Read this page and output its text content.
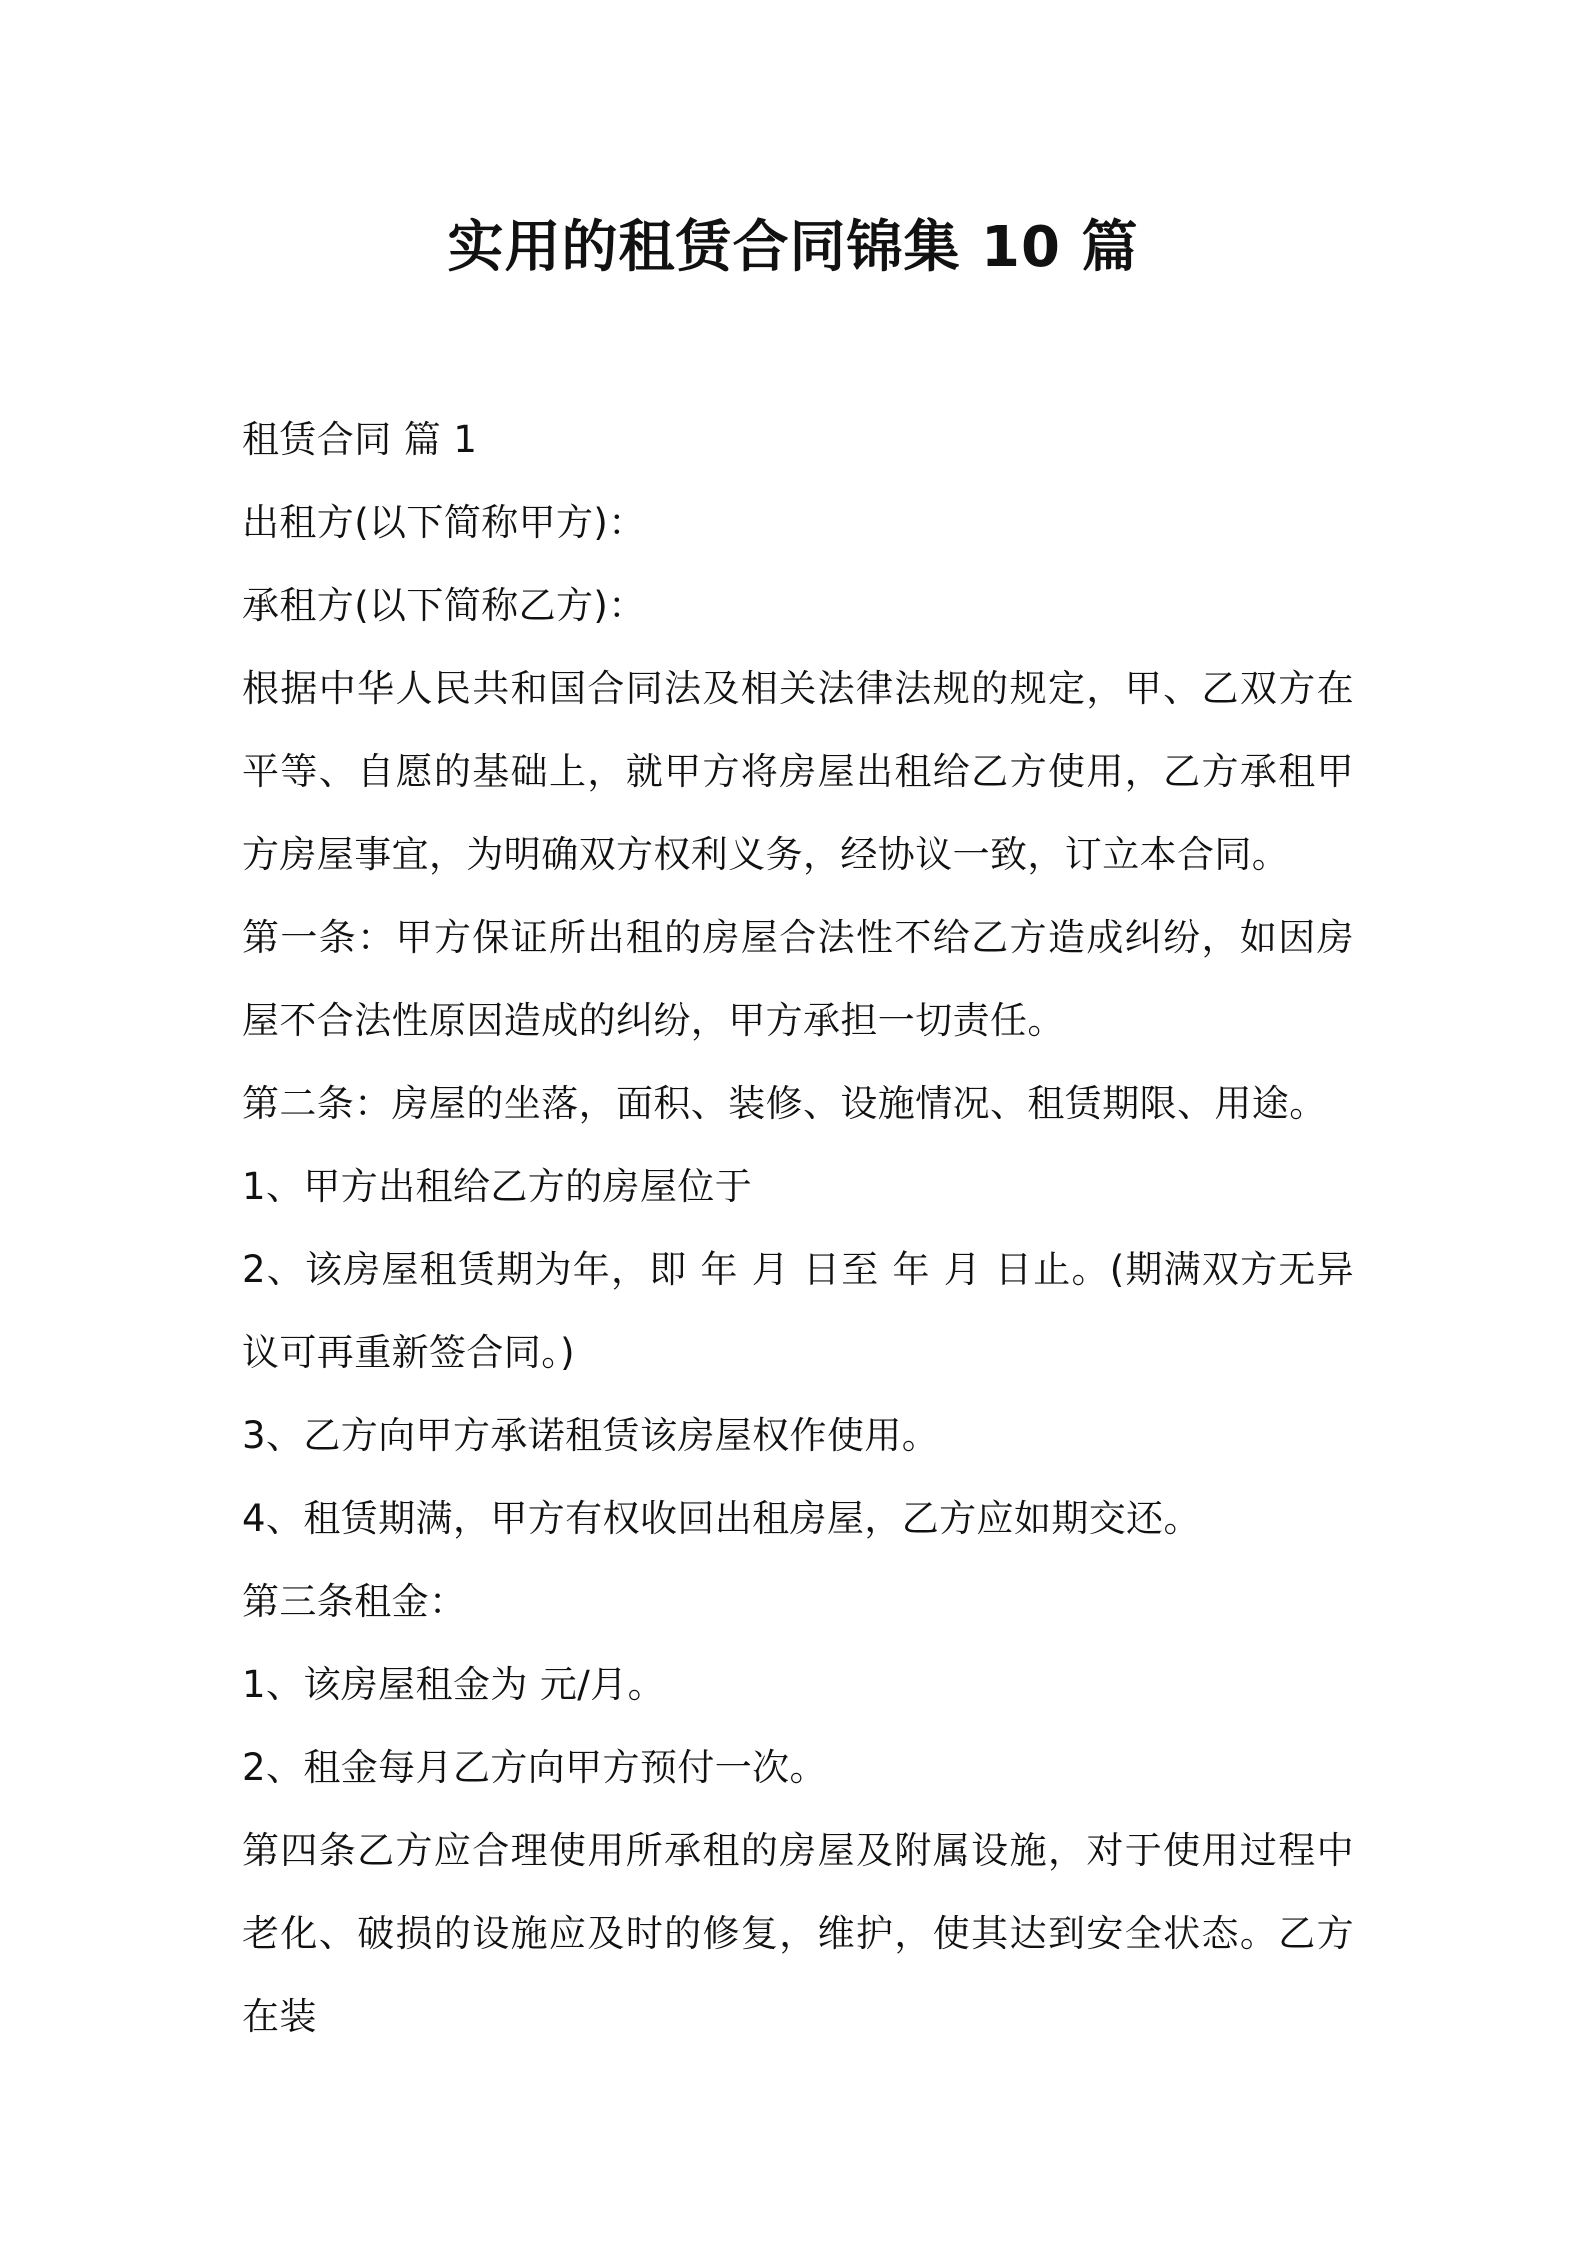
实用的租赁合同锦集 10 篇

租赁合同 篇 1

出租方(以下简称甲方)：

承租方(以下简称乙方)：

根据中华人民共和国合同法及相关法律法规的规定，甲、乙双方在平等、自愿的基础上，就甲方将房屋出租给乙方使用，乙方承租甲方房屋事宜，为明确双方权利义务，经协议一致，订立本合同。

第一条：甲方保证所出租的房屋合法性不给乙方造成纠纷，如因房屋不合法性原因造成的纠纷，甲方承担一切责任。

第二条：房屋的坐落，面积、装修、设施情况、租赁期限、用途。

1、甲方出租给乙方的房屋位于

2、该房屋租赁期为年，即 年 月 日至 年 月 日止。(期满双方无异议可再重新签合同。)

3、乙方向甲方承诺租赁该房屋权作使用。

4、租赁期满，甲方有权收回出租房屋，乙方应如期交还。

第三条租金：

1、该房屋租金为 元/月。

2、租金每月乙方向甲方预付一次。

第四条乙方应合理使用所承租的房屋及附属设施，对于使用过程中老化、破损的设施应及时的修复，维护，使其达到安全状态。乙方在装
